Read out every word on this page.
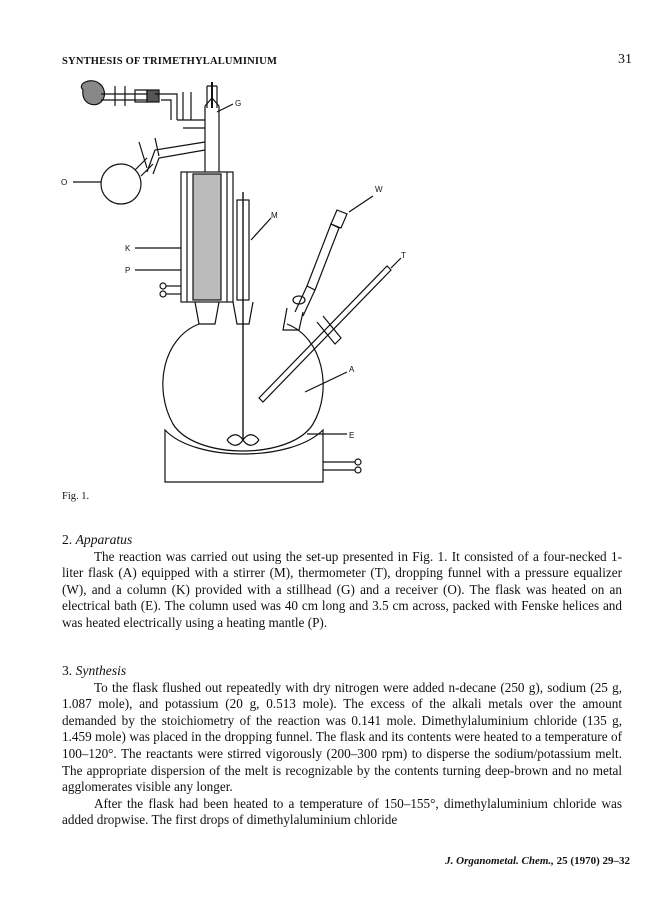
SYNTHESIS OF TRIMETHYLALUMINIUM	31
G
O
K
P
M
W
T
A
E
Fig. 1.
2. Apparatus

The reaction was carried out using the set-up presented in Fig. 1. It consisted of a four-necked 1-liter flask (A) equipped with a stirrer (M), thermometer (T), dropping funnel with a pressure equalizer (W), and a column (K) provided with a stillhead (G) and a receiver (O). The flask was heated on an electrical bath (E). The column used was 40 cm long and 3.5 cm across, packed with Fenske helices and was heated electrically using a heating mantle (P).

3. Synthesis

To the flask flushed out repeatedly with dry nitrogen were added n-decane (250 g), sodium (25 g, 1.087 mole), and potassium (20 g, 0.513 mole). The excess of the alkali metals over the amount demanded by the stoichiometry of the reaction was 0.141 mole. Dimethylaluminium chloride (135 g, 1.459 mole) was placed in the dropping funnel. The flask and its contents were heated to a temperature of 100–120°. The reactants were stirred vigorously (200–300 rpm) to disperse the sodium/potassium melt. The appropriate dispersion of the melt is recognizable by the contents turning deep-brown and no metal agglomerates visible any longer.

After the flask had been heated to a temperature of 150–155°, dimethylaluminium chloride was added dropwise. The first drops of dimethylaluminium chloride

J. Organometal. Chem., 25 (1970) 29–32
